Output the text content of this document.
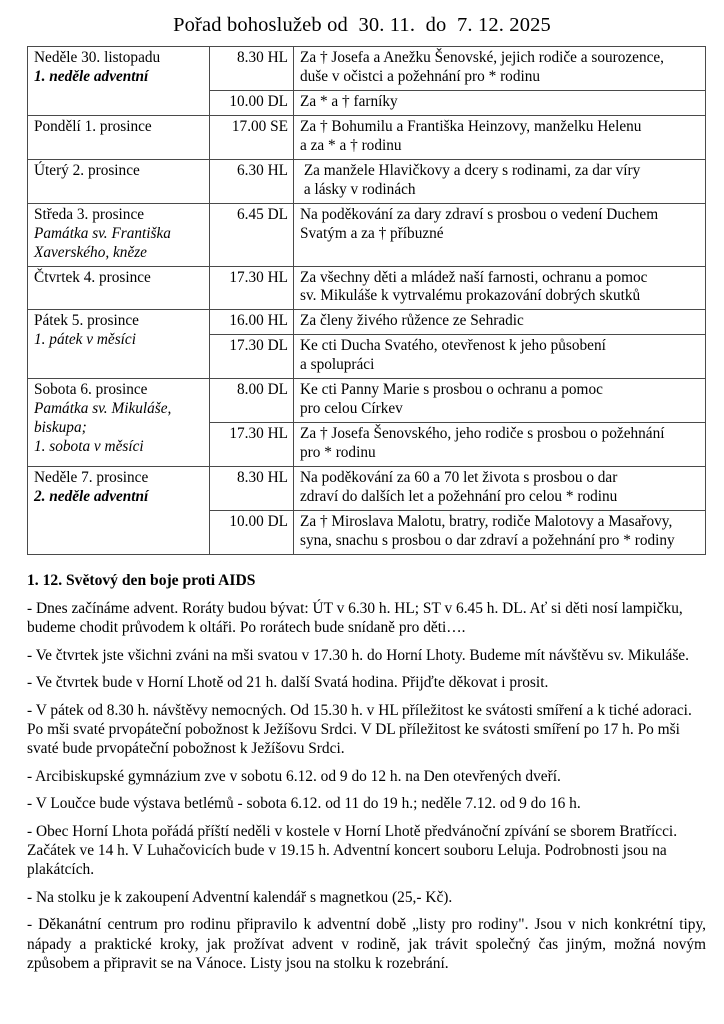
Pořad bohoslužeb od  30. 11.  do  7. 12. 2025
Neděle 30. listopadu
1. neděle adventní	8.30 HL	Za † Josefa a Anežku Šenovské, jejich rodiče a sourozence,
duše v očistci a požehnání pro * rodinu

	10.00 DL	Za * a † farníky

Pondělí 1. prosince	17.00 SE	Za † Bohumilu a Františka Heinzovy, manželku Helenu
a za * a † rodinu

Úterý 2. prosince	6.30 HL	Za manžele Hlavičkovy a dcery s rodinami, za dar víry
a lásky v rodinách

Středa 3. prosince
Památka sv. Františka
Xaverského, kněze	6.45 DL	Na poděkování za dary zdraví s prosbou o vedení Duchem
Svatým a za † příbuzné

Čtvrtek 4. prosince	17.30 HL	Za všechny děti a mládež naší farnosti, ochranu a pomoc
sv. Mikuláše k vytrvalému prokazování dobrých skutků

Pátek 5. prosince
1. pátek v měsíci	16.00 HL	Za členy živého růžence ze Sehradic

	17.30 DL	Ke cti Ducha Svatého, otevřenost k jeho působení
a spolupráci

Sobota 6. prosince
Památka sv. Mikuláše,
biskupa;
1. sobota v měsíci	8.00 DL	Ke cti Panny Marie s prosbou o ochranu a pomoc
pro celou Církev

	17.30 HL	Za † Josefa Šenovského, jeho rodiče s prosbou o požehnání
pro * rodinu

Neděle 7. prosince
2. neděle adventní	8.30 HL	Na poděkování za 60 a 70 let života s prosbou o dar
zdraví do dalších let a požehnání pro celou * rodinu

	10.00 DL	Za † Miroslava Malotu, bratry, rodiče Malotovy a Masařovy,
syna, snachu s prosbou o dar zdraví a požehnání pro * rodiny
1. 12. Světový den boje proti AIDS

- Dnes začínáme advent. Roráty budou bývat: ÚT v 6.30 h. HL; ST v 6.45 h. DL. Ať si děti nosí lampičku, budeme chodit průvodem k oltáři. Po rorátech bude snídaně pro děti….

- Ve čtvrtek jste všichni zváni na mši svatou v 17.30 h. do Horní Lhoty. Budeme mít návštěvu sv. Mikuláše.

- Ve čtvrtek bude v Horní Lhotě od 21 h. další Svatá hodina. Přijďte děkovat i prosit.

- V pátek od 8.30 h. návštěvy nemocných. Od 15.30 h. v HL příležitost ke svátosti smíření a k tiché adoraci. Po mši svaté prvopáteční pobožnost k Ježíšovu Srdci. V DL příležitost ke svátosti smíření po 17 h. Po mši svaté bude prvopáteční pobožnost k Ježíšovu Srdci.

- Arcibiskupské gymnázium zve v sobotu 6.12. od 9 do 12 h. na Den otevřených dveří.

- V Loučce bude výstava betlémů - sobota 6.12. od 11 do 19 h.; neděle 7.12. od 9 do 16 h.

- Obec Horní Lhota pořádá příští neděli v kostele v Horní Lhotě předvánoční zpívání se sborem Bratřícci. Začátek ve 14 h. V Luhačovicích bude v 19.15 h. Adventní koncert souboru Leluja. Podrobnosti jsou na plakátcích.

- Na stolku je k zakoupení Adventní kalendář s magnetkou (25,- Kč).

- Děkanátní centrum pro rodinu připravilo k adventní době „listy pro rodiny". Jsou v nich konkrétní tipy, nápady a praktické kroky, jak prožívat advent v rodině, jak trávit společný čas jiným, možná novým způsobem a připravit se na Vánoce. Listy jsou na stolku k rozebrání.
